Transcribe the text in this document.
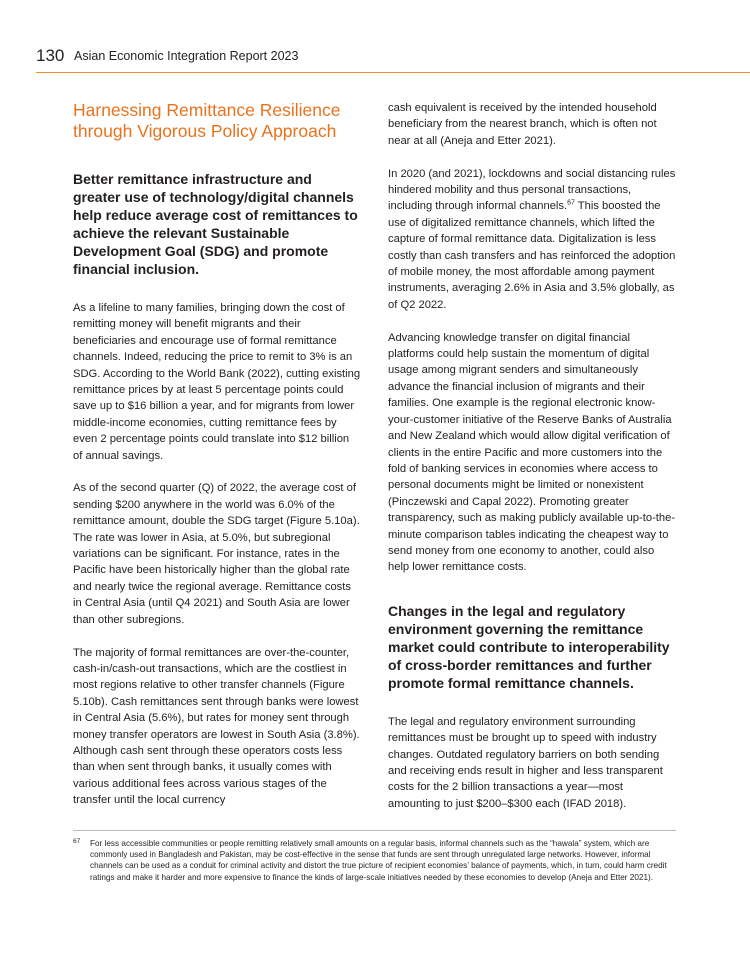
130 Asian Economic Integration Report 2023
Harnessing Remittance Resilience through Vigorous Policy Approach
Better remittance infrastructure and greater use of technology/digital channels help reduce average cost of remittances to achieve the relevant Sustainable Development Goal (SDG) and promote financial inclusion.

As a lifeline to many families, bringing down the cost of remitting money will benefit migrants and their beneficiaries and encourage use of formal remittance channels. Indeed, reducing the price to remit to 3% is an SDG. According to the World Bank (2022), cutting existing remittance prices by at least 5 percentage points could save up to $16 billion a year, and for migrants from lower middle-income economies, cutting remittance fees by even 2 percentage points could translate into $12 billion of annual savings.

As of the second quarter (Q) of 2022, the average cost of sending $200 anywhere in the world was 6.0% of the remittance amount, double the SDG target (Figure 5.10a). The rate was lower in Asia, at 5.0%, but subregional variations can be significant. For instance, rates in the Pacific have been historically higher than the global rate and nearly twice the regional average. Remittance costs in Central Asia (until Q4 2021) and South Asia are lower than other subregions.

The majority of formal remittances are over-the-counter, cash-in/cash-out transactions, which are the costliest in most regions relative to other transfer channels (Figure 5.10b). Cash remittances sent through banks were lowest in Central Asia (5.6%), but rates for money sent through money transfer operators are lowest in South Asia (3.8%). Although cash sent through these operators costs less than when sent through banks, it usually comes with various additional fees across various stages of the transfer until the local currency

cash equivalent is received by the intended household beneficiary from the nearest branch, which is often not near at all (Aneja and Etter 2021).

In 2020 (and 2021), lockdowns and social distancing rules hindered mobility and thus personal transactions, including through informal channels.$^{67}$ This boosted the use of digitalized remittance channels, which lifted the capture of formal remittance data. Digitalization is less costly than cash transfers and has reinforced the adoption of mobile money, the most affordable among payment instruments, averaging 2.6% in Asia and 3.5% globally, as of Q2 2022.

Advancing knowledge transfer on digital financial platforms could help sustain the momentum of digital usage among migrant senders and simultaneously advance the financial inclusion of migrants and their families. One example is the regional electronic know-your-customer initiative of the Reserve Banks of Australia and New Zealand which would allow digital verification of clients in the entire Pacific and more customers into the fold of banking services in economies where access to personal documents might be limited or nonexistent (Pinczewski and Capal 2022). Promoting greater transparency, such as making publicly available up-to-the-minute comparison tables indicating the cheapest way to send money from one economy to another, could also help lower remittance costs.

Changes in the legal and regulatory environment governing the remittance market could contribute to interoperability of cross-border remittances and further promote formal remittance channels.

The legal and regulatory environment surrounding remittances must be brought up to speed with industry changes. Outdated regulatory barriers on both sending and receiving ends result in higher and less transparent costs for the 2 billion transactions a year—most amounting to just $200–$300 each (IFAD 2018).

67 For less accessible communities or people remitting relatively small amounts on a regular basis, informal channels such as the “hawala” system, which are commonly used in Bangladesh and Pakistan, may be cost-effective in the sense that funds are sent through unregulated large networks. However, informal channels can be used as a conduit for criminal activity and distort the true picture of recipient economies’ balance of payments, which, in turn, could harm credit ratings and make it harder and more expensive to finance the kinds of large-scale initiatives needed by these economies to develop (Aneja and Etter 2021).
